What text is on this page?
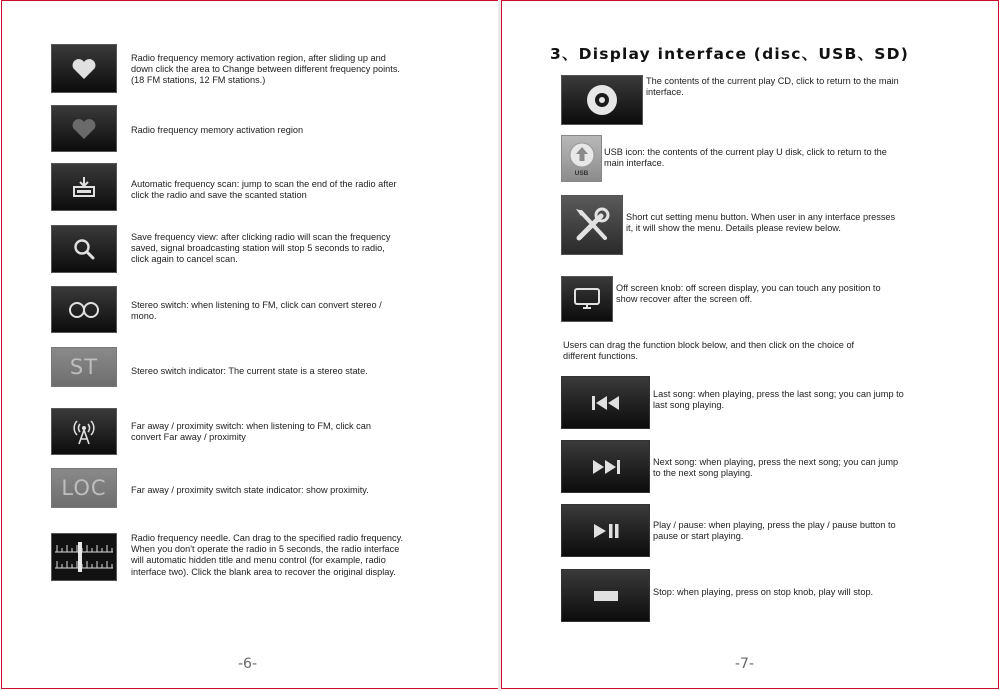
Radio frequency memory activation region, after sliding up and
down click the area to Change between different frequency points.
(18 FM stations, 12 FM stations.)
Radio frequency memory activation region
Automatic frequency scan: jump to scan the end of the radio after
click the radio and save the scanted station
Save frequency view: after clicking radio will scan the frequency
saved, signal broadcasting station will stop 5 seconds to radio,
click again to cancel scan.
Stereo switch: when listening to FM, click can convert stereo /
mono.
ST	Stereo switch indicator: The current state is a stereo state.
Far away / proximity switch: when listening to FM, click can
convert Far away / proximity
LOC	Far away / proximity switch state indicator: show proximity.
Radio frequency needle. Can drag to the specified radio frequency.
When you don't operate the radio in 5 seconds, the radio interface
will automatic hidden title and menu control (for example, radio
interface two). Click the blank area to recover the original display.
-6-
3、Display interface (disc、USB、SD)
The contents of the current play CD, click to return to the main
interface.
USB
USB icon: the contents of the current play U disk, click to return to the
main interface.
Short cut setting menu button. When user in any interface presses
it, it will show the menu. Details please review below.
Off screen knob: off screen display, you can touch any position to
show recover after the screen off.
Users can drag the function block below, and then click on the choice of
different functions.
Last song: when playing, press the last song; you can jump to
last song playing.
Next song: when playing, press the next song; you can jump
to the next song playing.
Play / pause: when playing, press the play / pause button to
pause or start playing.
Stop: when playing, press on stop knob, play will stop.
-7-
